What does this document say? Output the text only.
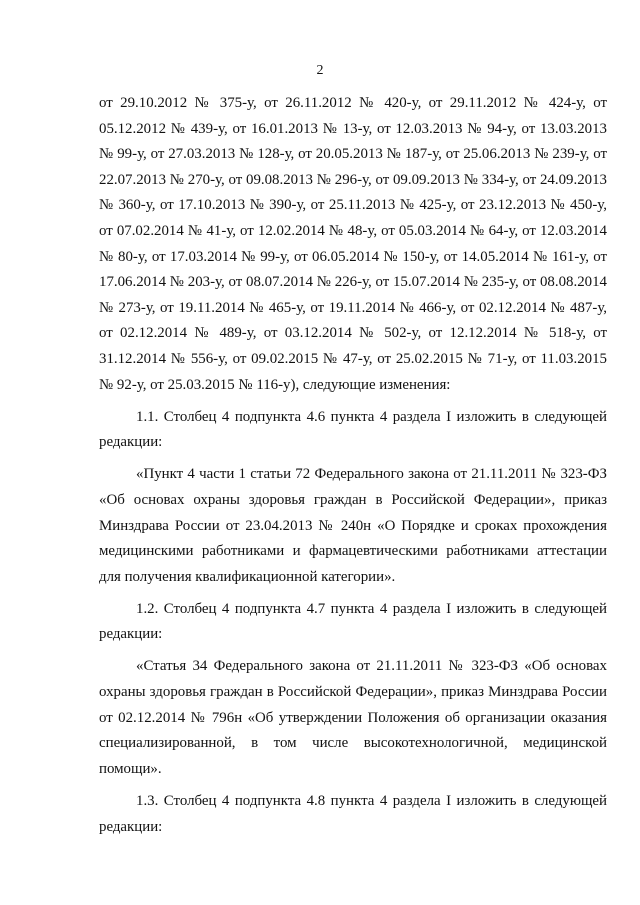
2

от 29.10.2012 № 375-у, от 26.11.2012 № 420-у, от 29.11.2012 № 424-у, от 05.12.2012 № 439-у, от 16.01.2013 № 13-у, от 12.03.2013 № 94-у, от 13.03.2013 № 99-у, от 27.03.2013 № 128-у, от 20.05.2013 № 187-у, от 25.06.2013 № 239-у, от 22.07.2013 № 270-у, от 09.08.2013 № 296-у, от 09.09.2013 № 334-у, от 24.09.2013 № 360-у, от 17.10.2013 № 390-у, от 25.11.2013 № 425-у, от 23.12.2013 № 450-у, от 07.02.2014 № 41-у, от 12.02.2014 № 48-у, от 05.03.2014 № 64-у, от 12.03.2014 № 80-у, от 17.03.2014 № 99-у, от 06.05.2014 № 150-у, от 14.05.2014 № 161-у, от 17.06.2014 № 203-у, от 08.07.2014 № 226-у, от 15.07.2014 № 235-у, от 08.08.2014 № 273-у, от 19.11.2014 № 465-у, от 19.11.2014 № 466-у, от 02.12.2014 № 487-у, от 02.12.2014 № 489-у, от 03.12.2014 № 502-у, от 12.12.2014 № 518-у, от 31.12.2014 № 556-у, от 09.02.2015 № 47-у, от 25.02.2015 № 71-у, от 11.03.2015 № 92-у, от 25.03.2015 № 116-у), следующие изменения:

1.1. Столбец 4 подпункта 4.6 пункта 4 раздела I изложить в следующей редакции:

«Пункт 4 части 1 статьи 72 Федерального закона от 21.11.2011 № 323-ФЗ «Об основах охраны здоровья граждан в Российской Федерации», приказ Минздрава России от 23.04.2013 № 240н «О Порядке и сроках прохождения медицинскими работниками и фармацевтическими работниками аттестации для получения квалификационной категории».

1.2. Столбец 4 подпункта 4.7 пункта 4 раздела I изложить в следующей редакции:

«Статья 34 Федерального закона от 21.11.2011 № 323-ФЗ «Об основах охраны здоровья граждан в Российской Федерации», приказ Минздрава России от 02.12.2014 № 796н «Об утверждении Положения об организации оказания специализированной, в том числе высокотехнологичной, медицинской помощи».

1.3. Столбец 4 подпункта 4.8 пункта 4 раздела I изложить в следующей редакции:
